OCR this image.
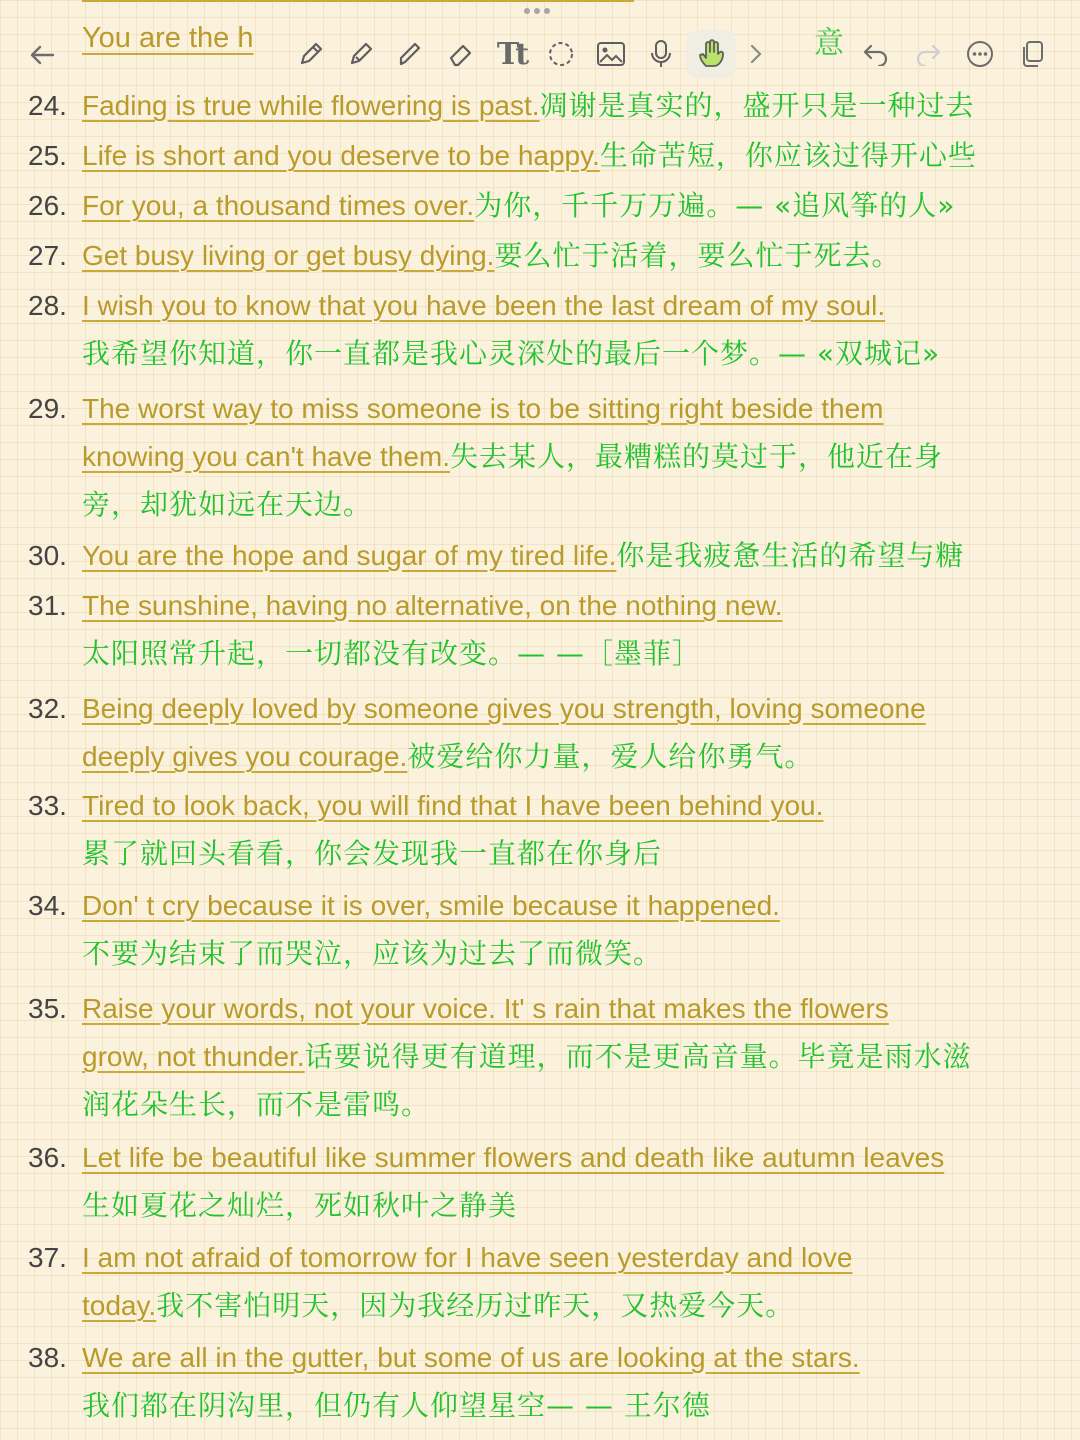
You are the h	Tt	意
24. Fading is true while flowering is past.凋谢是真实的，盛开只是一种过去
25. Life is short and you deserve to be happy.生命苦短，你应该过得开心些
26. For you, a thousand times over.为你，千千万万遍。— «追风筝的人»
27. Get busy living or get busy dying.要么忙于活着，要么忙于死去。
28. I wish you to know that you have been the last dream of my soul.
我希望你知道，你一直都是我心灵深处的最后一个梦。— «双城记»
29. The worst way to miss someone is to be sitting right beside them
knowing you can't have them.失去某人，最糟糕的莫过于，他近在身
旁，却犹如远在天边。
30. You are the hope and sugar of my tired life.你是我疲惫生活的希望与糖
31. The sunshine, having no alternative, on the nothing new.
太阳照常升起，一切都没有改变。— —［墨菲］
32. Being deeply loved by someone gives you strength, loving someone
deeply gives you courage.被爱给你力量，爱人给你勇气。
33. Tired to look back, you will find that I have been behind you.
累了就回头看看，你会发现我一直都在你身后
34. Don' t cry because it is over, smile because it happened.
不要为结束了而哭泣，应该为过去了而微笑。
35. Raise your words, not your voice. It' s rain that makes the flowers
grow, not thunder.话要说得更有道理，而不是更高音量。毕竟是雨水滋
润花朵生长，而不是雷鸣。
36. Let life be beautiful like summer flowers and death like autumn leaves
生如夏花之灿烂，死如秋叶之静美
37. I am not afraid of tomorrow for I have seen yesterday and love
today.我不害怕明天，因为我经历过昨天，又热爱今天。
38. We are all in the gutter, but some of us are looking at the stars.
我们都在阴沟里，但仍有人仰望星空— — 王尔德
